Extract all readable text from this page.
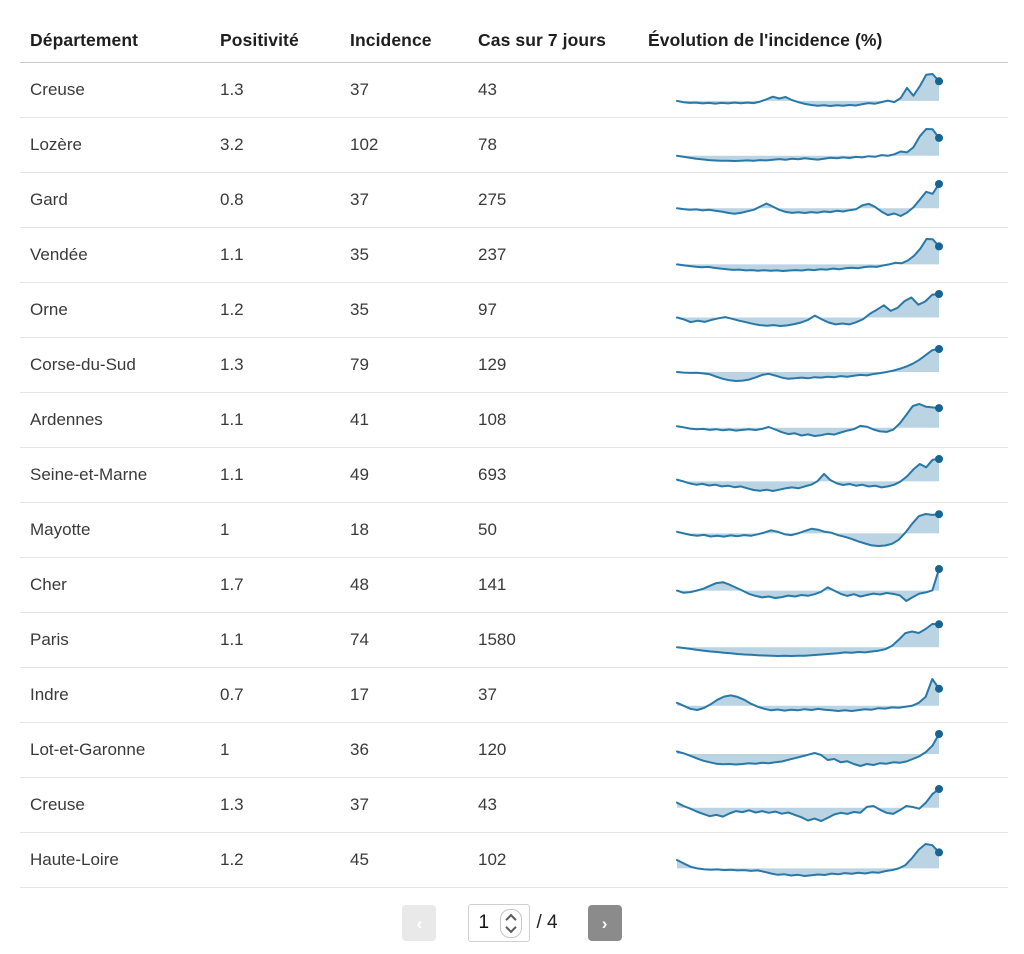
Département	Positivité	Incidence	Cas sur 7 jours	Évolution de l'incidence (%)
Creuse	1.3	37	43
Lozère	3.2	102	78
Gard	0.8	37	275
Vendée	1.1	35	237
Orne	1.2	35	97
Corse-du-Sud	1.3	79	129
Ardennes	1.1	41	108
Seine-et-Marne	1.1	49	693
Mayotte	1	18	50
Cher	1.7	48	141
Paris	1.1	74	1580
Indre	0.7	17	37
Lot-et-Garonne	1	36	120
Creuse	1.3	37	43
Haute-Loire	1.2	45	102
‹
1	/ 4	›
